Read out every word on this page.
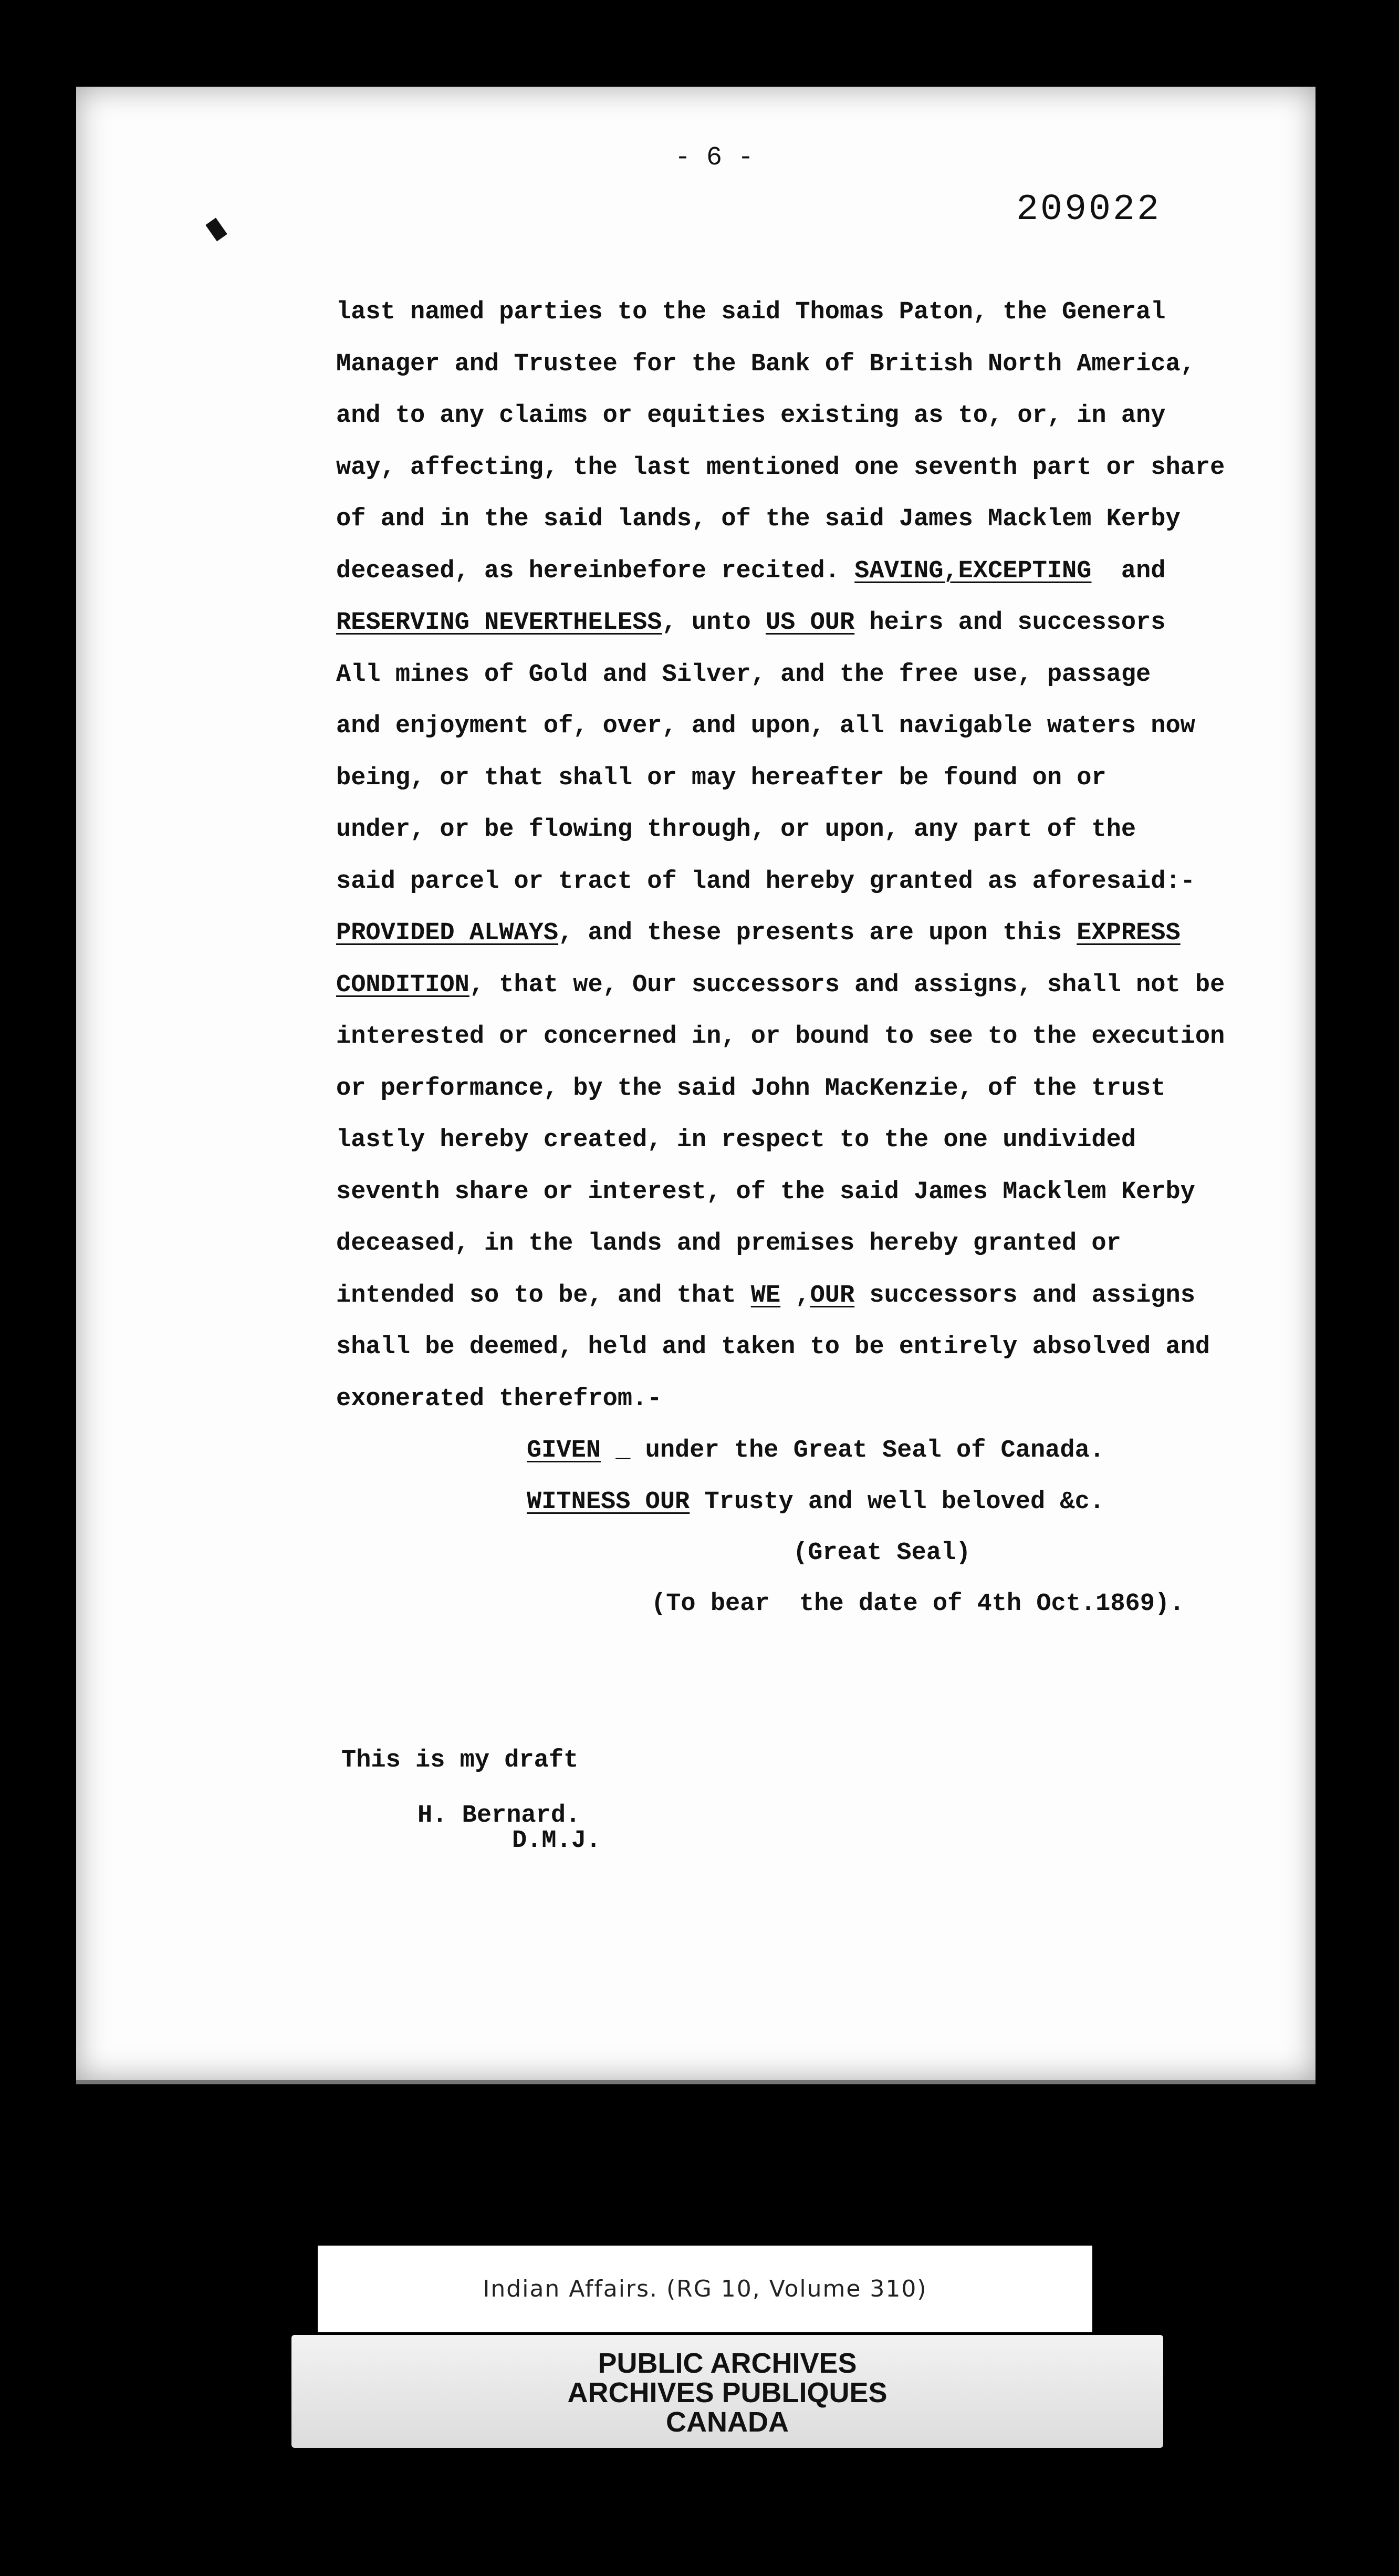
- 6 -
209022
last named parties to the said Thomas Paton, the General
Manager and Trustee for the Bank of British North America,
and to any claims or equities existing as to, or, in any
way, affecting, the last mentioned one seventh part or share
of and in the said lands, of the said James Macklem Kerby
deceased, as hereinbefore recited. SAVING,EXCEPTING  and
RESERVING NEVERTHELESS, unto US OUR heirs and successors
All mines of Gold and Silver, and the free use, passage
and enjoyment of, over, and upon, all navigable waters now
being, or that shall or may hereafter be found on or
under, or be flowing through, or upon, any part of the
said parcel or tract of land hereby granted as aforesaid:-
PROVIDED ALWAYS, and these presents are upon this EXPRESS
CONDITION, that we, Our successors and assigns, shall not be
interested or concerned in, or bound to see to the execution
or performance, by the said John MacKenzie, of the trust
lastly hereby created, in respect to the one undivided
seventh share or interest, of the said James Macklem Kerby
deceased, in the lands and premises hereby granted or
intended so to be, and that WE ,OUR successors and assigns
shall be deemed, held and taken to be entirely absolved and
exonerated therefrom.-
GIVEN _ under the Great Seal of Canada.
WITNESS OUR Trusty and well beloved &c.
(Great Seal)
(To bear  the date of 4th Oct.1869).
This is my draft
H. Bernard.
D.M.J.
Indian Affairs. (RG 10, Volume 310)
PUBLIC ARCHIVES
ARCHIVES PUBLIQUES
CANADA
